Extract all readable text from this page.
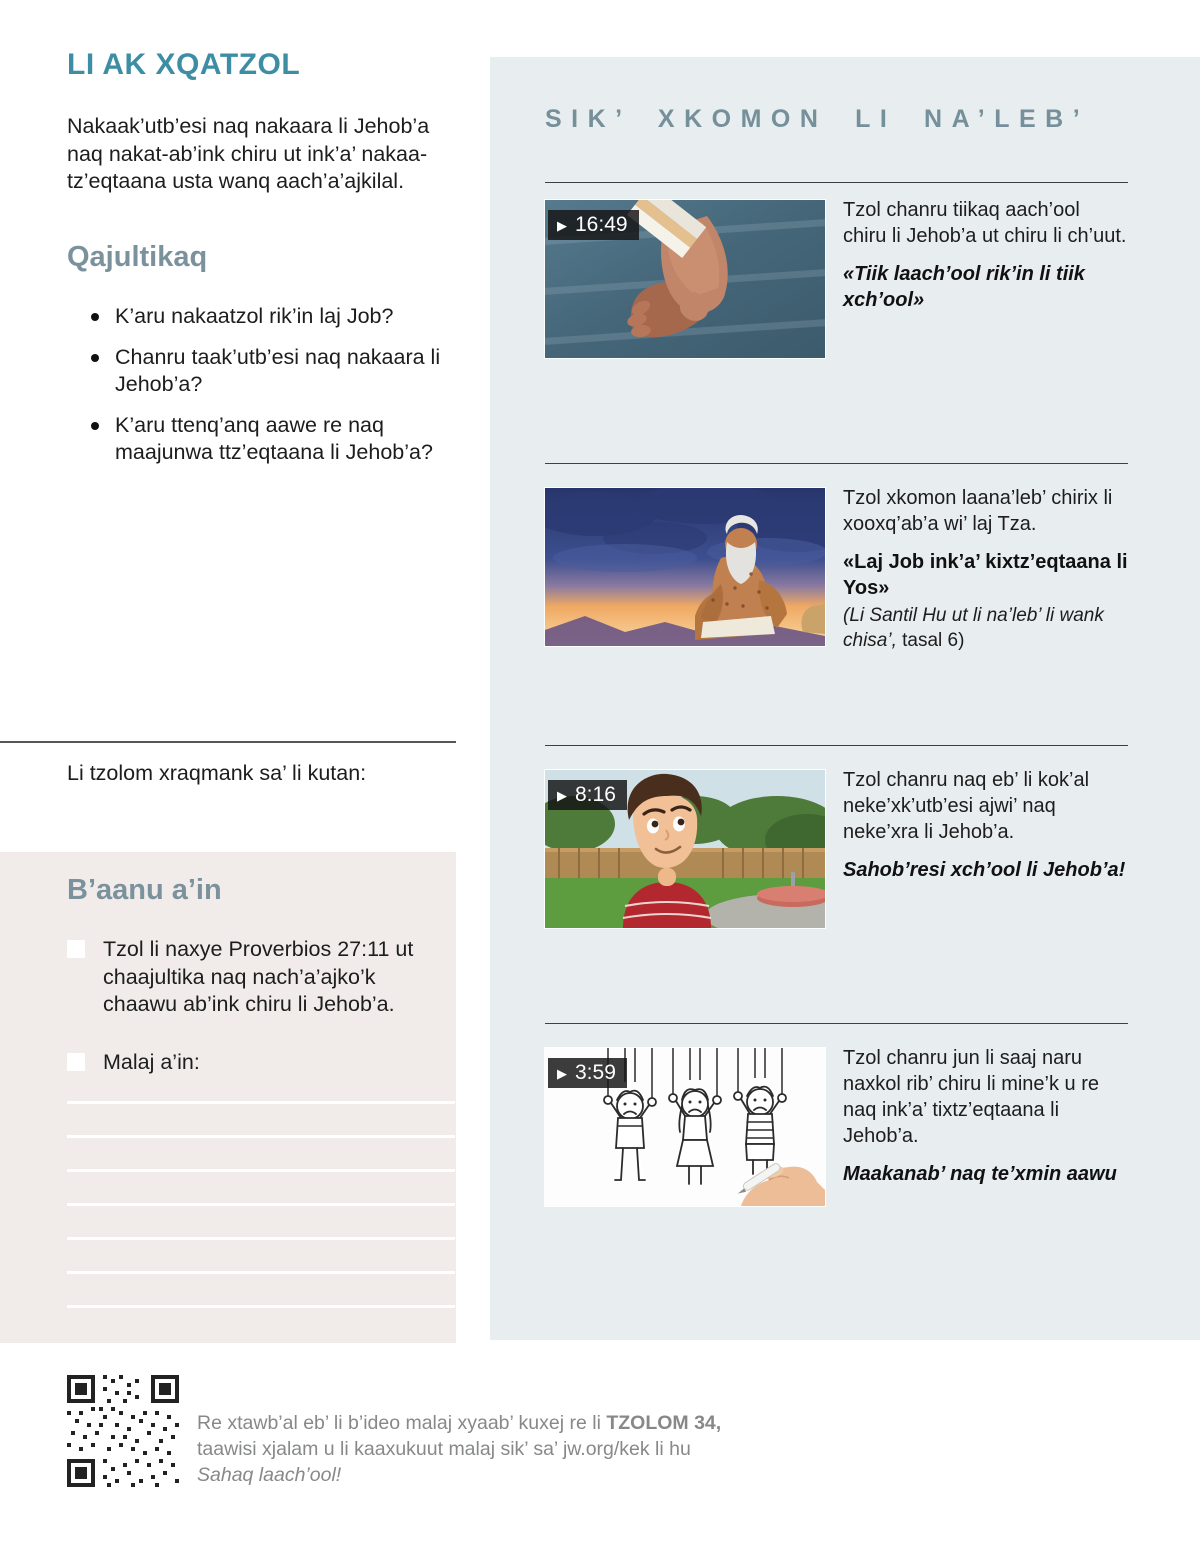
LI AK XQATZOL

Nakaak’utb’esi naq nakaara li Jehob’a naq nakat-ab’ink chiru ut ink’a’ nakaatz’eqtaana usta wanq aach’a’ajkilal.

Qajultikaq
K’aru nakaatzol rik’in laj Job?
Chanru taak’utb’esi naq nakaara li Jehob’a?
K’aru ttenq’anq aawe re naq maajunwa ttz’eqtaana li Jehob’a?

Li tzolom xraqmank sa’ li kutan:

B’aanu a’in
Tzol li naxye Proverbios 27:11 ut chaajultika naq nach’a’ajko’k chaawu ab’ink chiru li Jehob’a.
Malaj a’in:
SIK’ XKOMON LI NA’LEB’
▶ 16:49

Tzol chanru tiikaq aach’ool chiru li Jehob’a ut chiru li ch’uut.

«Tiik laach’ool rik’in li tiik xch’ool»

Tzol xkomon laana’leb’ chirix li xooxq’ab’a wi’ laj Tza.

«Laj Job ink’a’ kixtz’eqtaana li Yos»

(Li Santil Hu ut li na’leb’ li wank chisa’, tasal 6)

▶ 8:16

Tzol chanru naq eb’ li kok’al neke’xk’utb’esi ajwi’ naq neke’xra li Jehob’a.

Sahob’resi xch’ool li Jehob’a!

▶ 3:59

Tzol chanru jun li saaj naru naxkol rib’ chiru li mine’k u re naq ink’a’ tixtz’eqtaana li Jehob’a.

Maakanab’ naq te’xmin aawu

Re xtawb’al eb’ li b’ideo malaj xyaab’ kuxej re li TZOLOM 34,
taawisi xjalam u li kaaxukuut malaj sik’ sa’ jw.org/kek li hu
Sahaq laach’ool!
